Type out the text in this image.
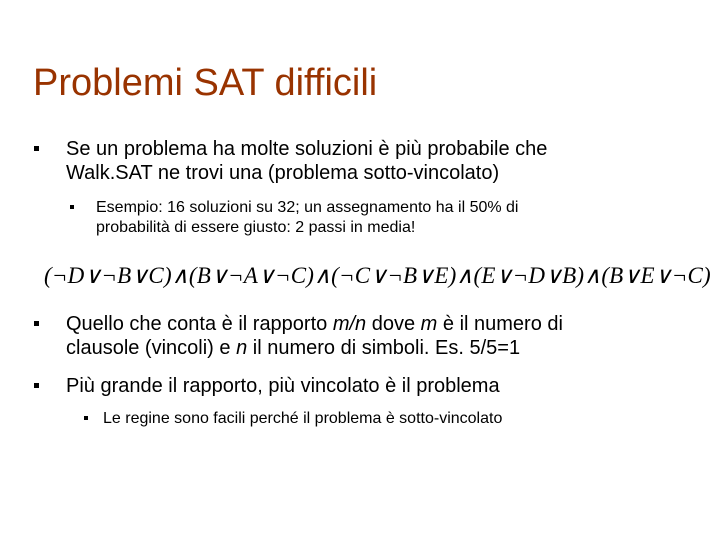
Problemi SAT difficili
Se un problema ha molte soluzioni è più probabile che
Walk.SAT ne trovi una (problema sotto-vincolato)
Esempio: 16 soluzioni su 32; un assegnamento ha il 50% di
probabilità di essere giusto: 2 passi in media!
(¬D∨¬B∨C)∧(B∨¬A∨¬C)∧(¬C∨¬B∨E)∧(E∨¬D∨B)∧(B∨E∨¬C)
Quello che conta è il rapporto m/n dove m è il numero di
clausole (vincoli) e n il numero di simboli. Es. 5/5=1
Più grande il rapporto, più vincolato è il problema
Le regine sono facili perché il problema è sotto-vincolato
